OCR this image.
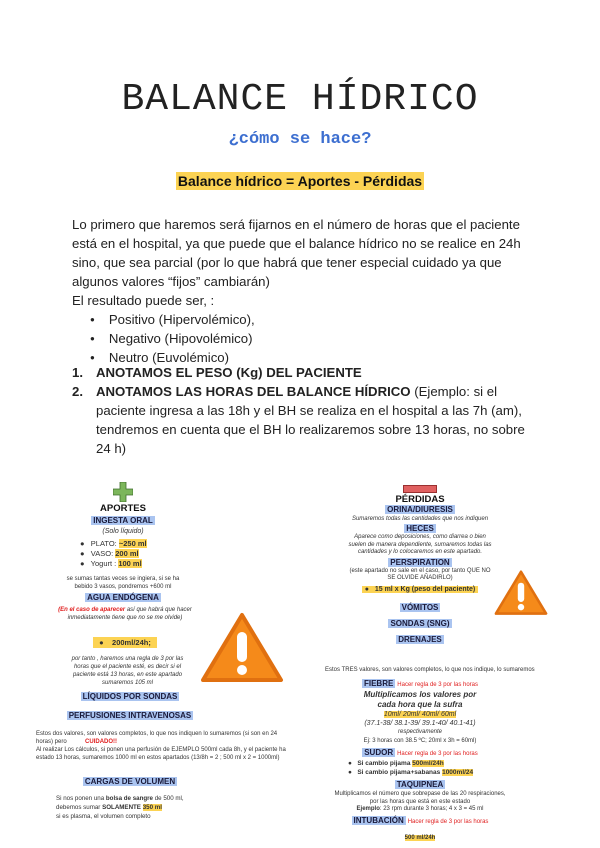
BALANCE HÍDRICO
¿cómo se hace?
Balance hídrico = Aportes - Pérdidas

Lo primero que haremos será fijarnos en el número de horas que el paciente está en el hospital, ya que puede que el balance hídrico no se realice en 24h sino, que sea parcial (por lo que habrá que tener especial cuidado ya que algunos valores “fijos” cambiarán)

El resultado puede ser, :

● Positivo (Hipervolémico),
● Negativo (Hipovolémico)
● Neutro (Euvolémico)
1. ANOTAMOS EL PESO (Kg) DEL PACIENTE
2. ANOTAMOS LAS HORAS DEL BALANCE HÍDRICO (Ejemplo: si el paciente ingresa a las 18h y el BH se realiza en el hospital a las 7h (am), tendremos en cuenta que el BH lo realizaremos sobre 13 horas, no sobre 24 h)
APORTES
INGESTA ORAL
(Solo líquido)
●   PLATO: ~250 ml
●   VASO: 200 ml
●   Yogurt : 100 ml
se sumas tantas veces se ingiera, si se ha bebido 3 vasos, pondremos +600 ml
AGUA ENDÓGENA
(En el caso de aparecer así que habrá que hacer inmediatamente tiene que no se me olvide)
●    200ml/24h;
por tanto , haremos una regla de 3 por las horas que el paciente esté, es decir si el paciente está 13 horas, en este apartado sumaremos 105 ml
LÍQUIDOS POR SONDAS
PERFUSIONES INTRAVENOSAS
Estos dos valores, son valores completos, lo que nos indiquen lo sumaremos (si son en 24 horas) pero	CUIDADO!!
Al realizar Los cálculos, si ponen una perfusión de EJEMPLO 500ml cada 8h, y el paciente ha estado 13 horas, sumaremos 1000 ml en estos apartados (13/8h = 2 ; 500 ml x 2 = 1000ml)
CARGAS DE VOLUMEN
Si nos ponen una bolsa de sangre de 500 ml, debemos sumar SOLAMENTE 350 ml
si es plasma, el volumen completo
PÉRDIDAS
ORINA/DIURESIS
Sumaremos todas las cantidades que nos indiquen
HECES
Aparece como deposiciones, como diarrea o bien suelen de manera dependiente, sumaremos todas las cantidades y lo colocaremos en este apartado.
PERSPIRATION
(este apartado no sale en el caso, por tanto QUE NO SE OLVIDE AÑADIRLO)
●   15 ml x Kg (peso del paciente)
VÓMITOS
SONDAS (SNG)
DRENAJES
Estos TRES valores, son valores completos, lo que nos indique, lo sumaremos
FIEBRE Hacer regla de 3 por las horas
Multiplicamos los valores por cada hora que la sufra
10ml/ 20ml/ 40ml/ 60ml
(37.1-38/ 38.1-39/ 39.1-40/ 40.1-41)
respectivamente
Ej: 3 horas con 38.5 ºC; 20ml x 3h = 60ml)
SUDOR Hacer regla de 3 por las horas
●   Si cambio pijama 500ml/24h
●   Si cambio pijama+sabanas 1000ml/24
TAQUIPNEA
Multiplicamos el número que sobrepase de las 20 respiraciones, por las horas que está en este estado
Ejemplo: 23 rpm durante 3 horas; 4 x 3 = 45 ml
INTUBACIÓN Hacer regla de 3 por las horas
500 ml/24h
